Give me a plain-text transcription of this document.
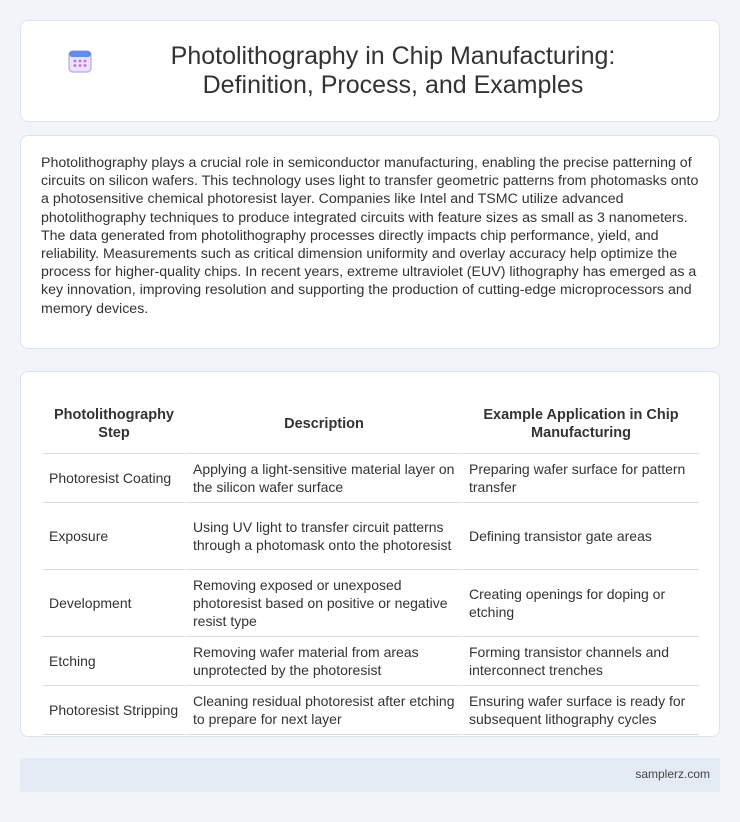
Photolithography in Chip Manufacturing: Definition, Process, and Examples

Photolithography plays a crucial role in semiconductor manufacturing, enabling the precise patterning of circuits on silicon wafers. This technology uses light to transfer geometric patterns from photomasks onto a photosensitive chemical photoresist layer. Companies like Intel and TSMC utilize advanced photolithography techniques to produce integrated circuits with feature sizes as small as 3 nanometers. The data generated from photolithography processes directly impacts chip performance, yield, and reliability. Measurements such as critical dimension uniformity and overlay accuracy help optimize the process for higher-quality chips. In recent years, extreme ultraviolet (EUV) lithography has emerged as a key innovation, improving resolution and supporting the production of cutting-edge microprocessors and memory devices.

Photolithography Step	Description	Example Application in Chip Manufacturing
Photoresist Coating	Applying a light-sensitive material layer on the silicon wafer surface	Preparing wafer surface for pattern transfer
Exposure	Using UV light to transfer circuit patterns through a photomask onto the photoresist	Defining transistor gate areas
Development	Removing exposed or unexposed photoresist based on positive or negative resist type	Creating openings for doping or etching
Etching	Removing wafer material from areas unprotected by the photoresist	Forming transistor channels and interconnect trenches
Photoresist Stripping	Cleaning residual photoresist after etching to prepare for next layer	Ensuring wafer surface is ready for subsequent lithography cycles
samplerz.com
